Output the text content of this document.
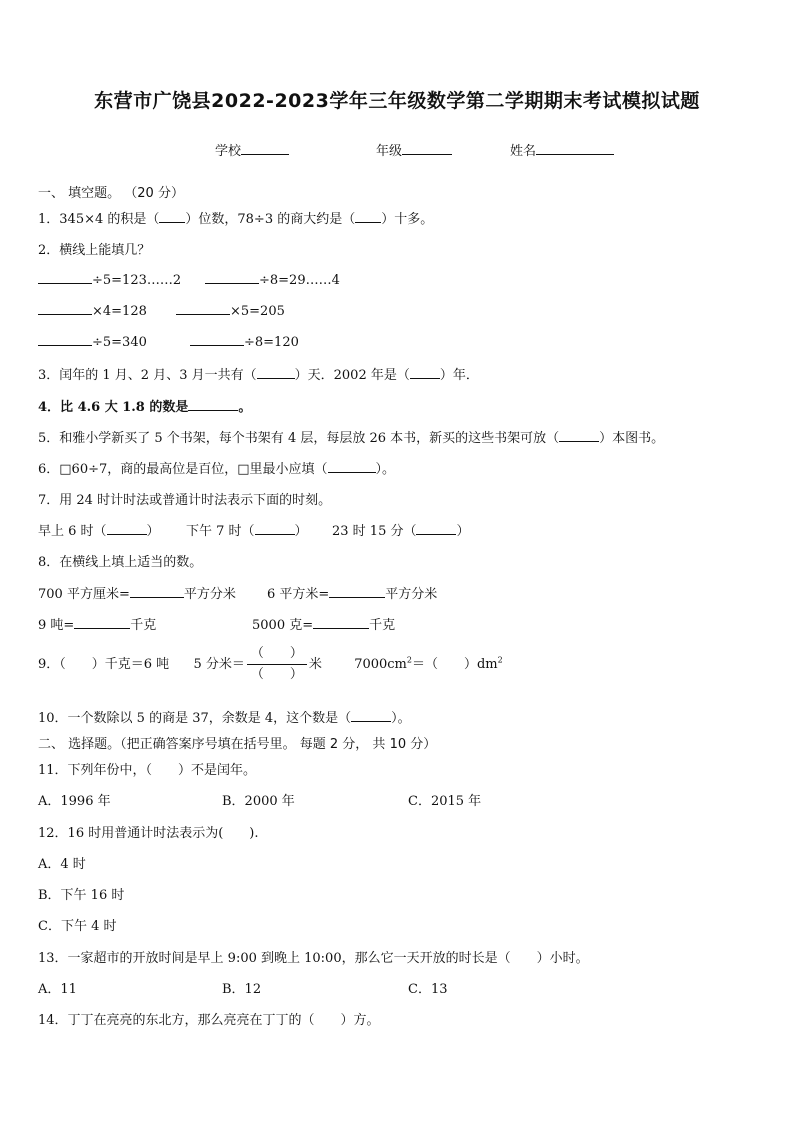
东营市广饶县2022-2023学年三年级数学第二学期期末考试模拟试题
学校	年级	姓名
一、 填空题。 （20 分）
1．345×4 的积是（ ）位数，78÷3 的商大约是（ ）十多。
2．横线上能填几？
÷5=123……2	÷8=29……4
×4=128	×5=205
÷5=340	÷8=120
3．闰年的 1 月、2 月、3 月一共有（	）天．2002 年是（ ）年．
4．比 4.6 大 1.8 的数是	。
5．和雅小学新买了 5 个书架，每个书架有 4 层，每层放 26 本书，新买的这些书架可放（	）本图书。
6．□60÷7，商的最高位是百位，□里最小应填（	）。
7．用 24 时计时法或普通计时法表示下面的时刻。
早上 6 时（	） 下午 7 时（	） 23 时 15 分（	）
8．在横线上填上适当的数。
700 平方厘米=	平方分米 6 平方米=	平方分米
9 吨=	千克	5000 克=	千克
9．（　　）千克＝6 吨 5 分米＝ $\frac{( )}{( )}$ 米 $7000cm^2=$（　　）$dm^2$
10．一个数除以 5 的商是 37，余数是 4，这个数是（	）。
二、 选择题。（把正确答案序号填在括号里。 每题 2 分， 共 10 分）
11．下列年份中，（　　）不是闰年。
A．1996 年	B．2000 年	C．2015 年
12．16 时用普通计时法表示为(　　).
A．4 时
B．下午 16 时
C．下午 4 时
13．一家超市的开放时间是早上 9:00 到晚上 10:00，那么它一天开放的时长是（　　）小时。
A．11	B．12	C．13
14．丁丁在亮亮的东北方，那么亮亮在丁丁的（　　）方。
